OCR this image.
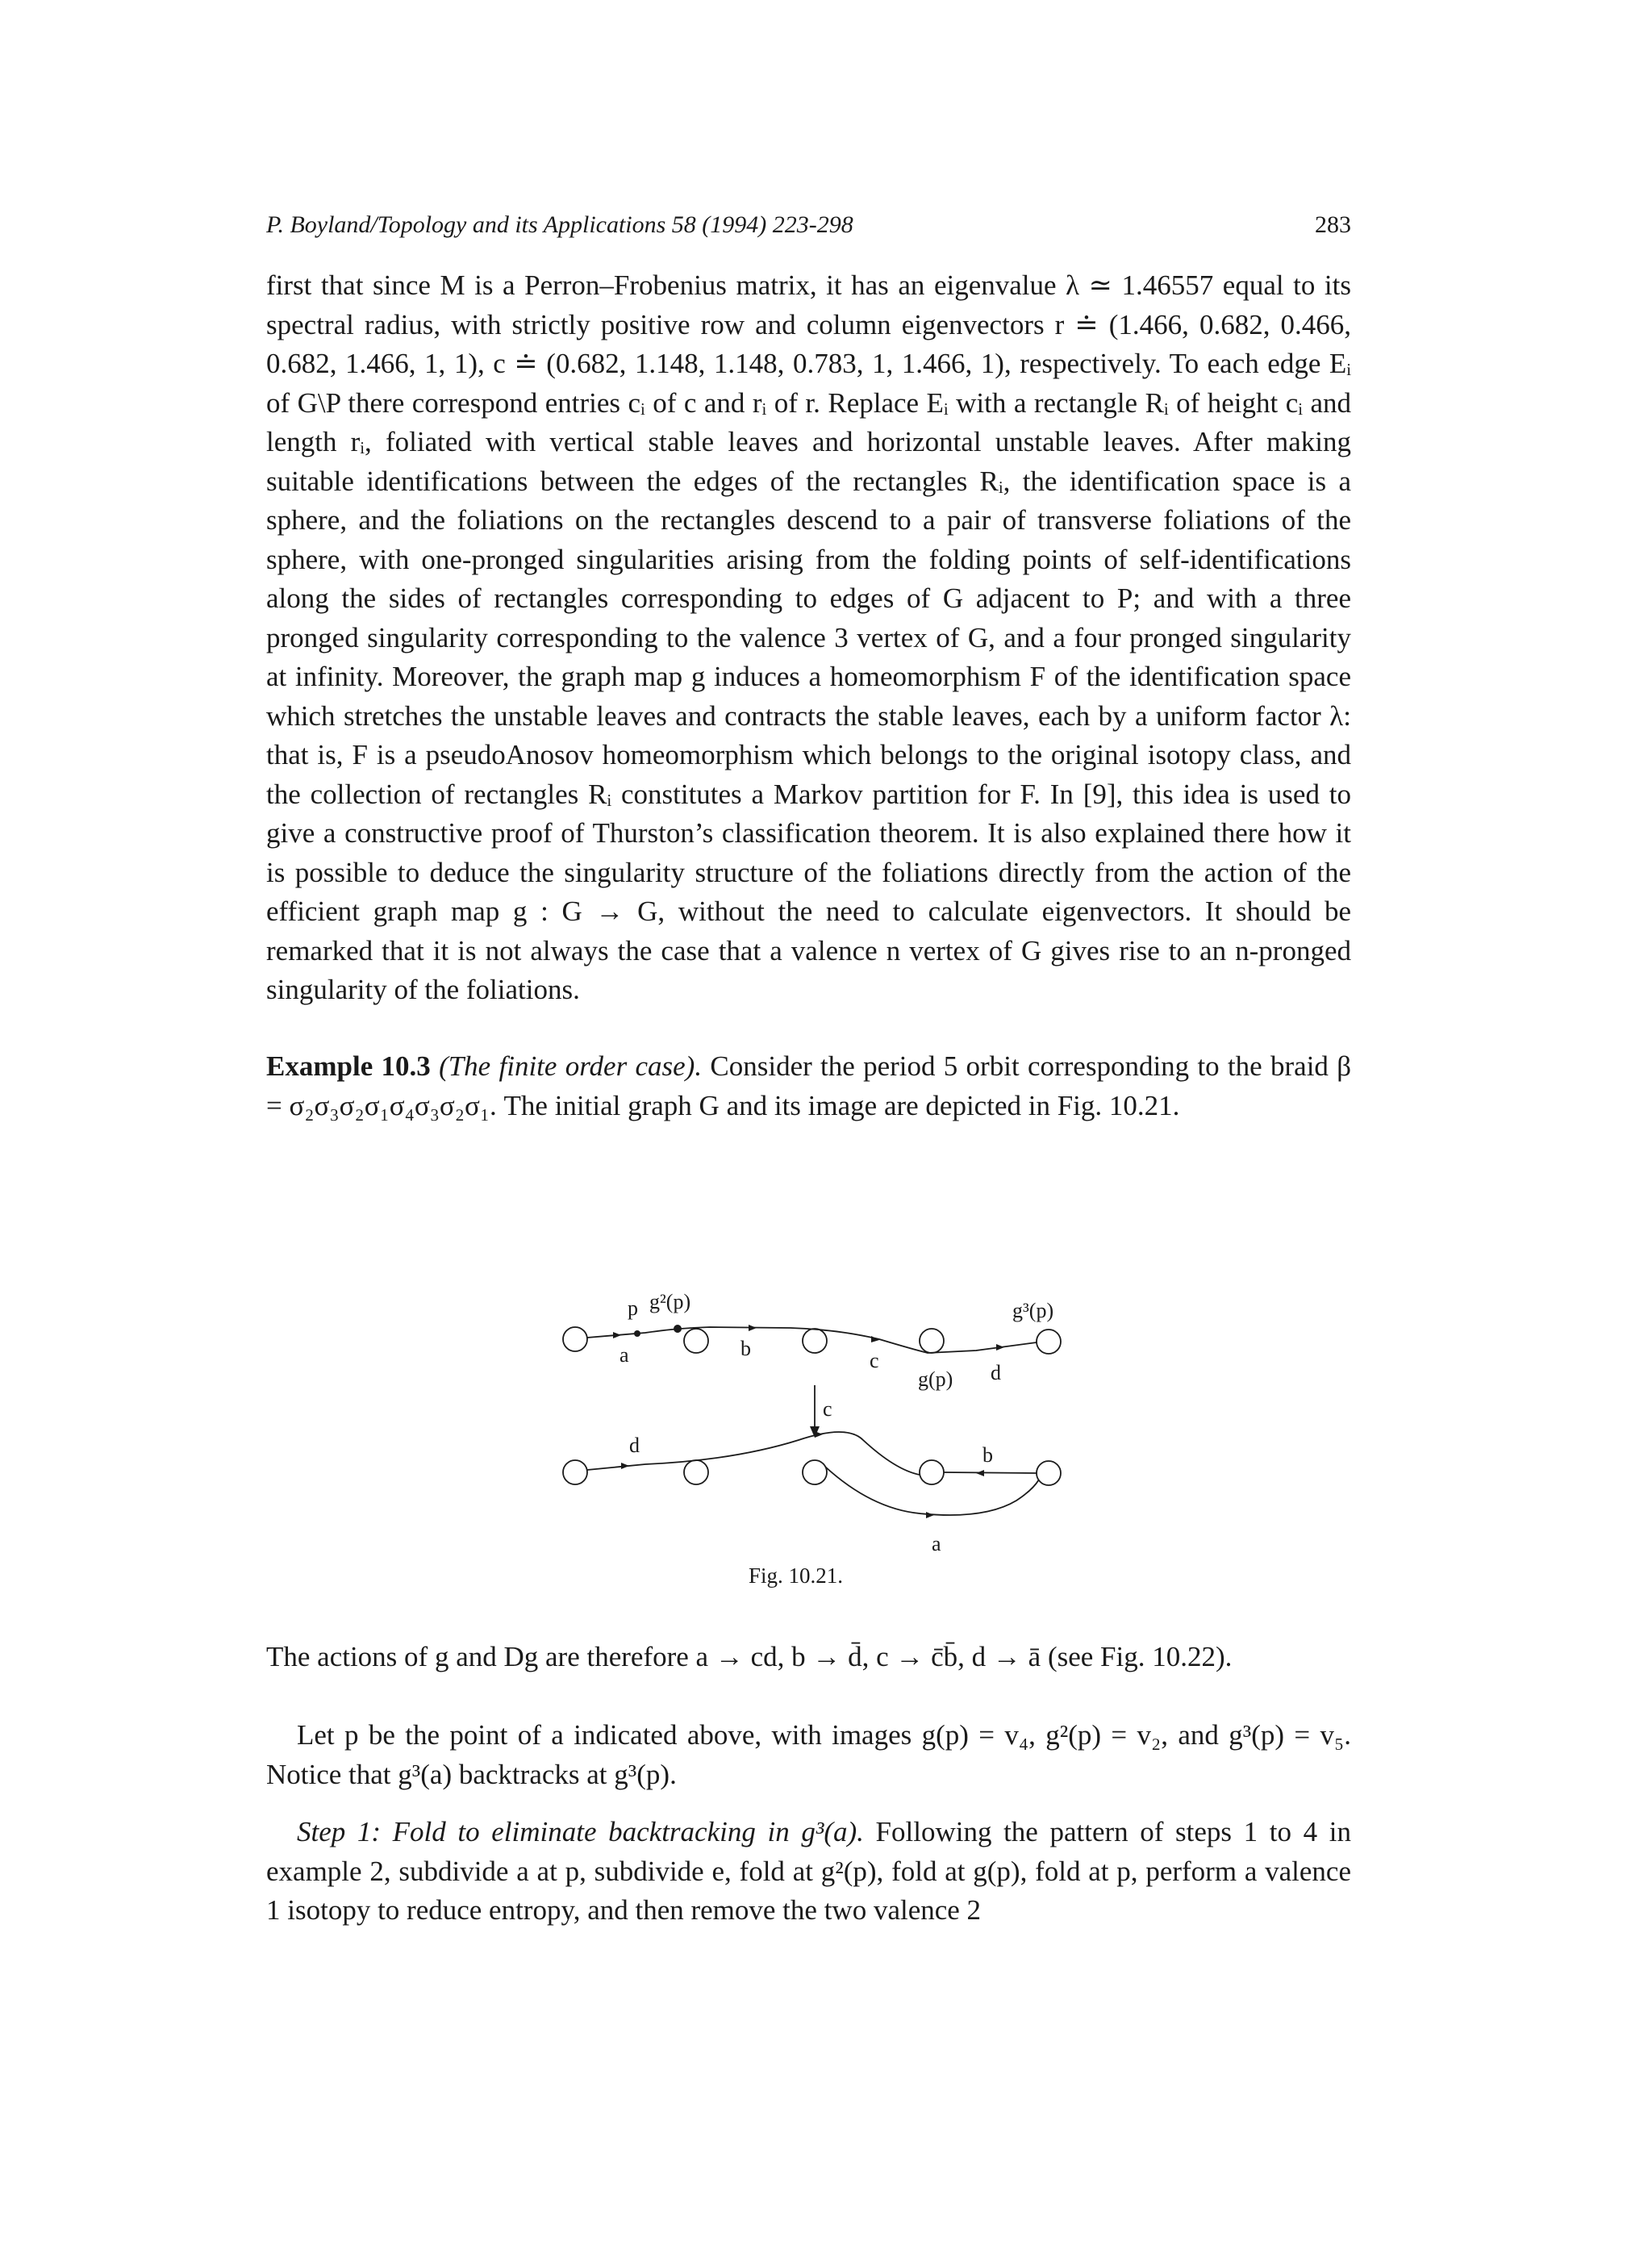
P. Boyland/Topology and its Applications 58 (1994) 223-298	283

first that since M is a Perron–Frobenius matrix, it has an eigenvalue λ ≃ 1.46557 equal to its spectral radius, with strictly positive row and column eigenvectors r ≐ (1.466, 0.682, 0.466, 0.682, 1.466, 1, 1), c ≐ (0.682, 1.148, 1.148, 0.783, 1, 1.466, 1), respectively. To each edge Eᵢ of G\P there correspond entries cᵢ of c and rᵢ of r. Replace Eᵢ with a rectangle Rᵢ of height cᵢ and length rᵢ, foliated with vertical stable leaves and horizontal unstable leaves. After making suitable identifications between the edges of the rectangles Rᵢ, the identification space is a sphere, and the foliations on the rectangles descend to a pair of transverse foliations of the sphere, with one-pronged singularities arising from the folding points of self-identifications along the sides of rectangles corresponding to edges of G adjacent to P; and with a three pronged singularity corresponding to the valence 3 vertex of G, and a four pronged singularity at infinity. Moreover, the graph map g induces a homeomorphism F of the identification space which stretches the unstable leaves and contracts the stable leaves, each by a uniform factor λ: that is, F is a pseudoAnosov homeomorphism which belongs to the original isotopy class, and the collection of rectangles Rᵢ constitutes a Markov partition for F. In [9], this idea is used to give a constructive proof of Thurston’s classification theorem. It is also explained there how it is possible to deduce the singularity structure of the foliations directly from the action of the efficient graph map g : G → G, without the need to calculate eigenvectors. It should be remarked that it is not always the case that a valence n vertex of G gives rise to an n-pronged singularity of the foliations.

Example 10.3 (The finite order case). Consider the period 5 orbit corresponding to the braid β = σ₂σ₃σ₂σ₁σ₄σ₃σ₂σ₁. The initial graph G and its image are depicted in Fig. 10.21.

p g²(p)	g³(p)
a	b
c
g(p) d
c
d	b
a
Fig. 10.21.

The actions of g and Dg are therefore a → cd, b → d̄, c → c̄b̄, d → ā (see Fig. 10.22).

Let p be the point of a indicated above, with images g(p) = v₄, g²(p) = v₂, and g³(p) = v₅. Notice that g³(a) backtracks at g³(p).

Step 1: Fold to eliminate backtracking in g³(a). Following the pattern of steps 1 to 4 in example 2, subdivide a at p, subdivide e, fold at g²(p), fold at g(p), fold at p, perform a valence 1 isotopy to reduce entropy, and then remove the two valence 2
